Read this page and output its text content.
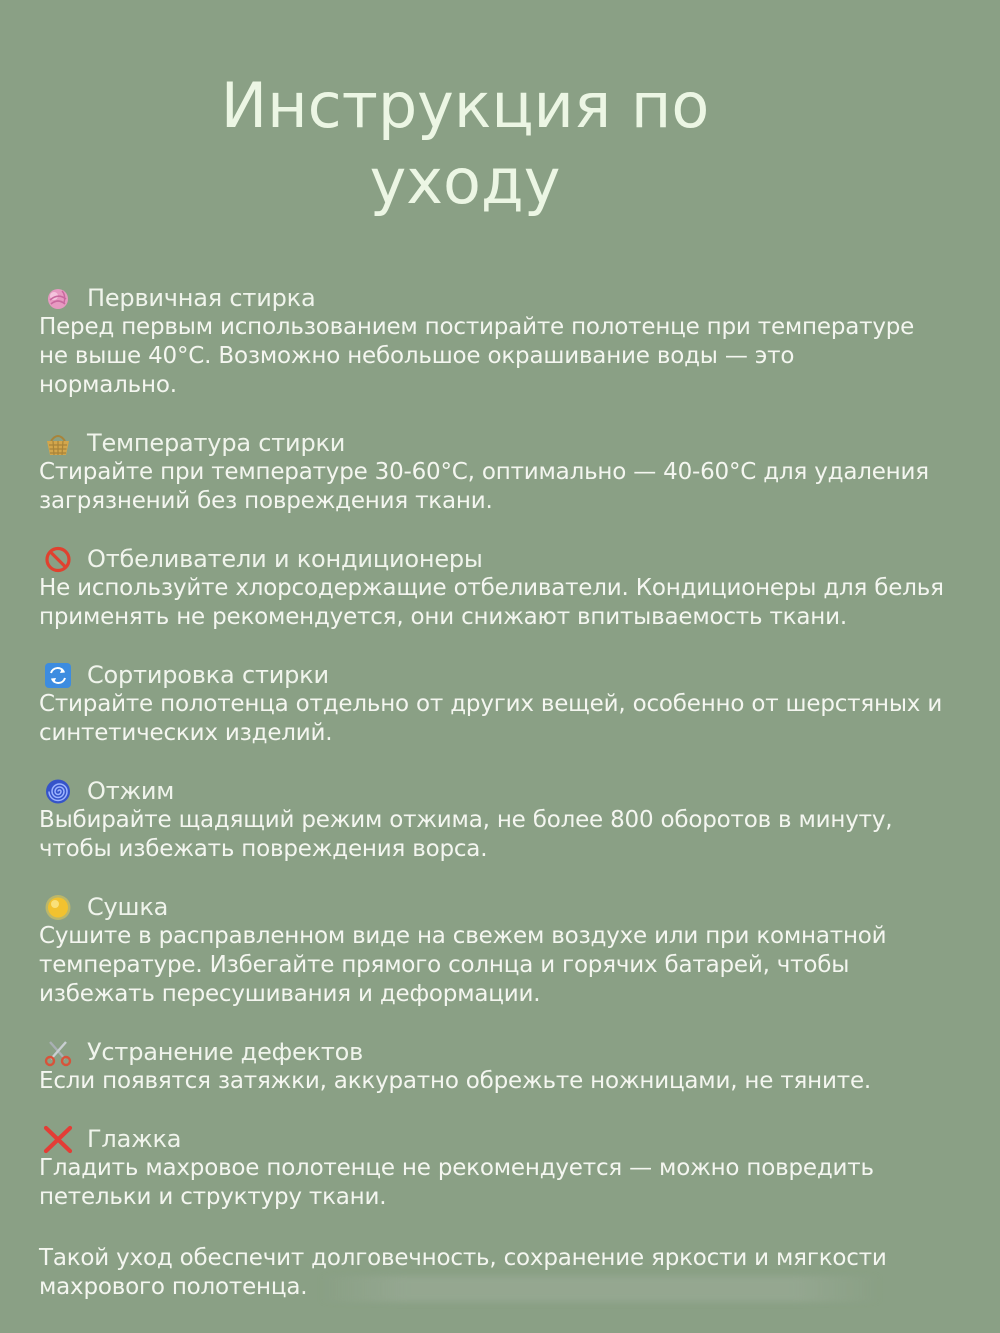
Инструкция по
уходу
Первичная стирка
Перед первым использованием постирайте полотенце при температуре
не выше 40°С. Возможно небольшое окрашивание воды — это
нормально.
Температура стирки
Стирайте при температуре 30-60°С, оптимально — 40-60°С для удаления
загрязнений без повреждения ткани.
Отбеливатели и кондиционеры
Не используйте хлорсодержащие отбеливатели. Кондиционеры для белья
применять не рекомендуется, они снижают впитываемость ткани.
Сортировка стирки
Стирайте полотенца отдельно от других вещей, особенно от шерстяных и
синтетических изделий.
Отжим
Выбирайте щадящий режим отжима, не более 800 оборотов в минуту,
чтобы избежать повреждения ворса.
Сушка
Сушите в расправленном виде на свежем воздухе или при комнатной
температуре. Избегайте прямого солнца и горячих батарей, чтобы
избежать пересушивания и деформации.
Устранение дефектов
Если появятся затяжки, аккуратно обрежьте ножницами, не тяните.
Глажка
Гладить махровое полотенце не рекомендуется — можно повредить
петельки и структуру ткани.
Такой уход обеспечит долговечность, сохранение яркости и мягкости
махрового полотенца.
